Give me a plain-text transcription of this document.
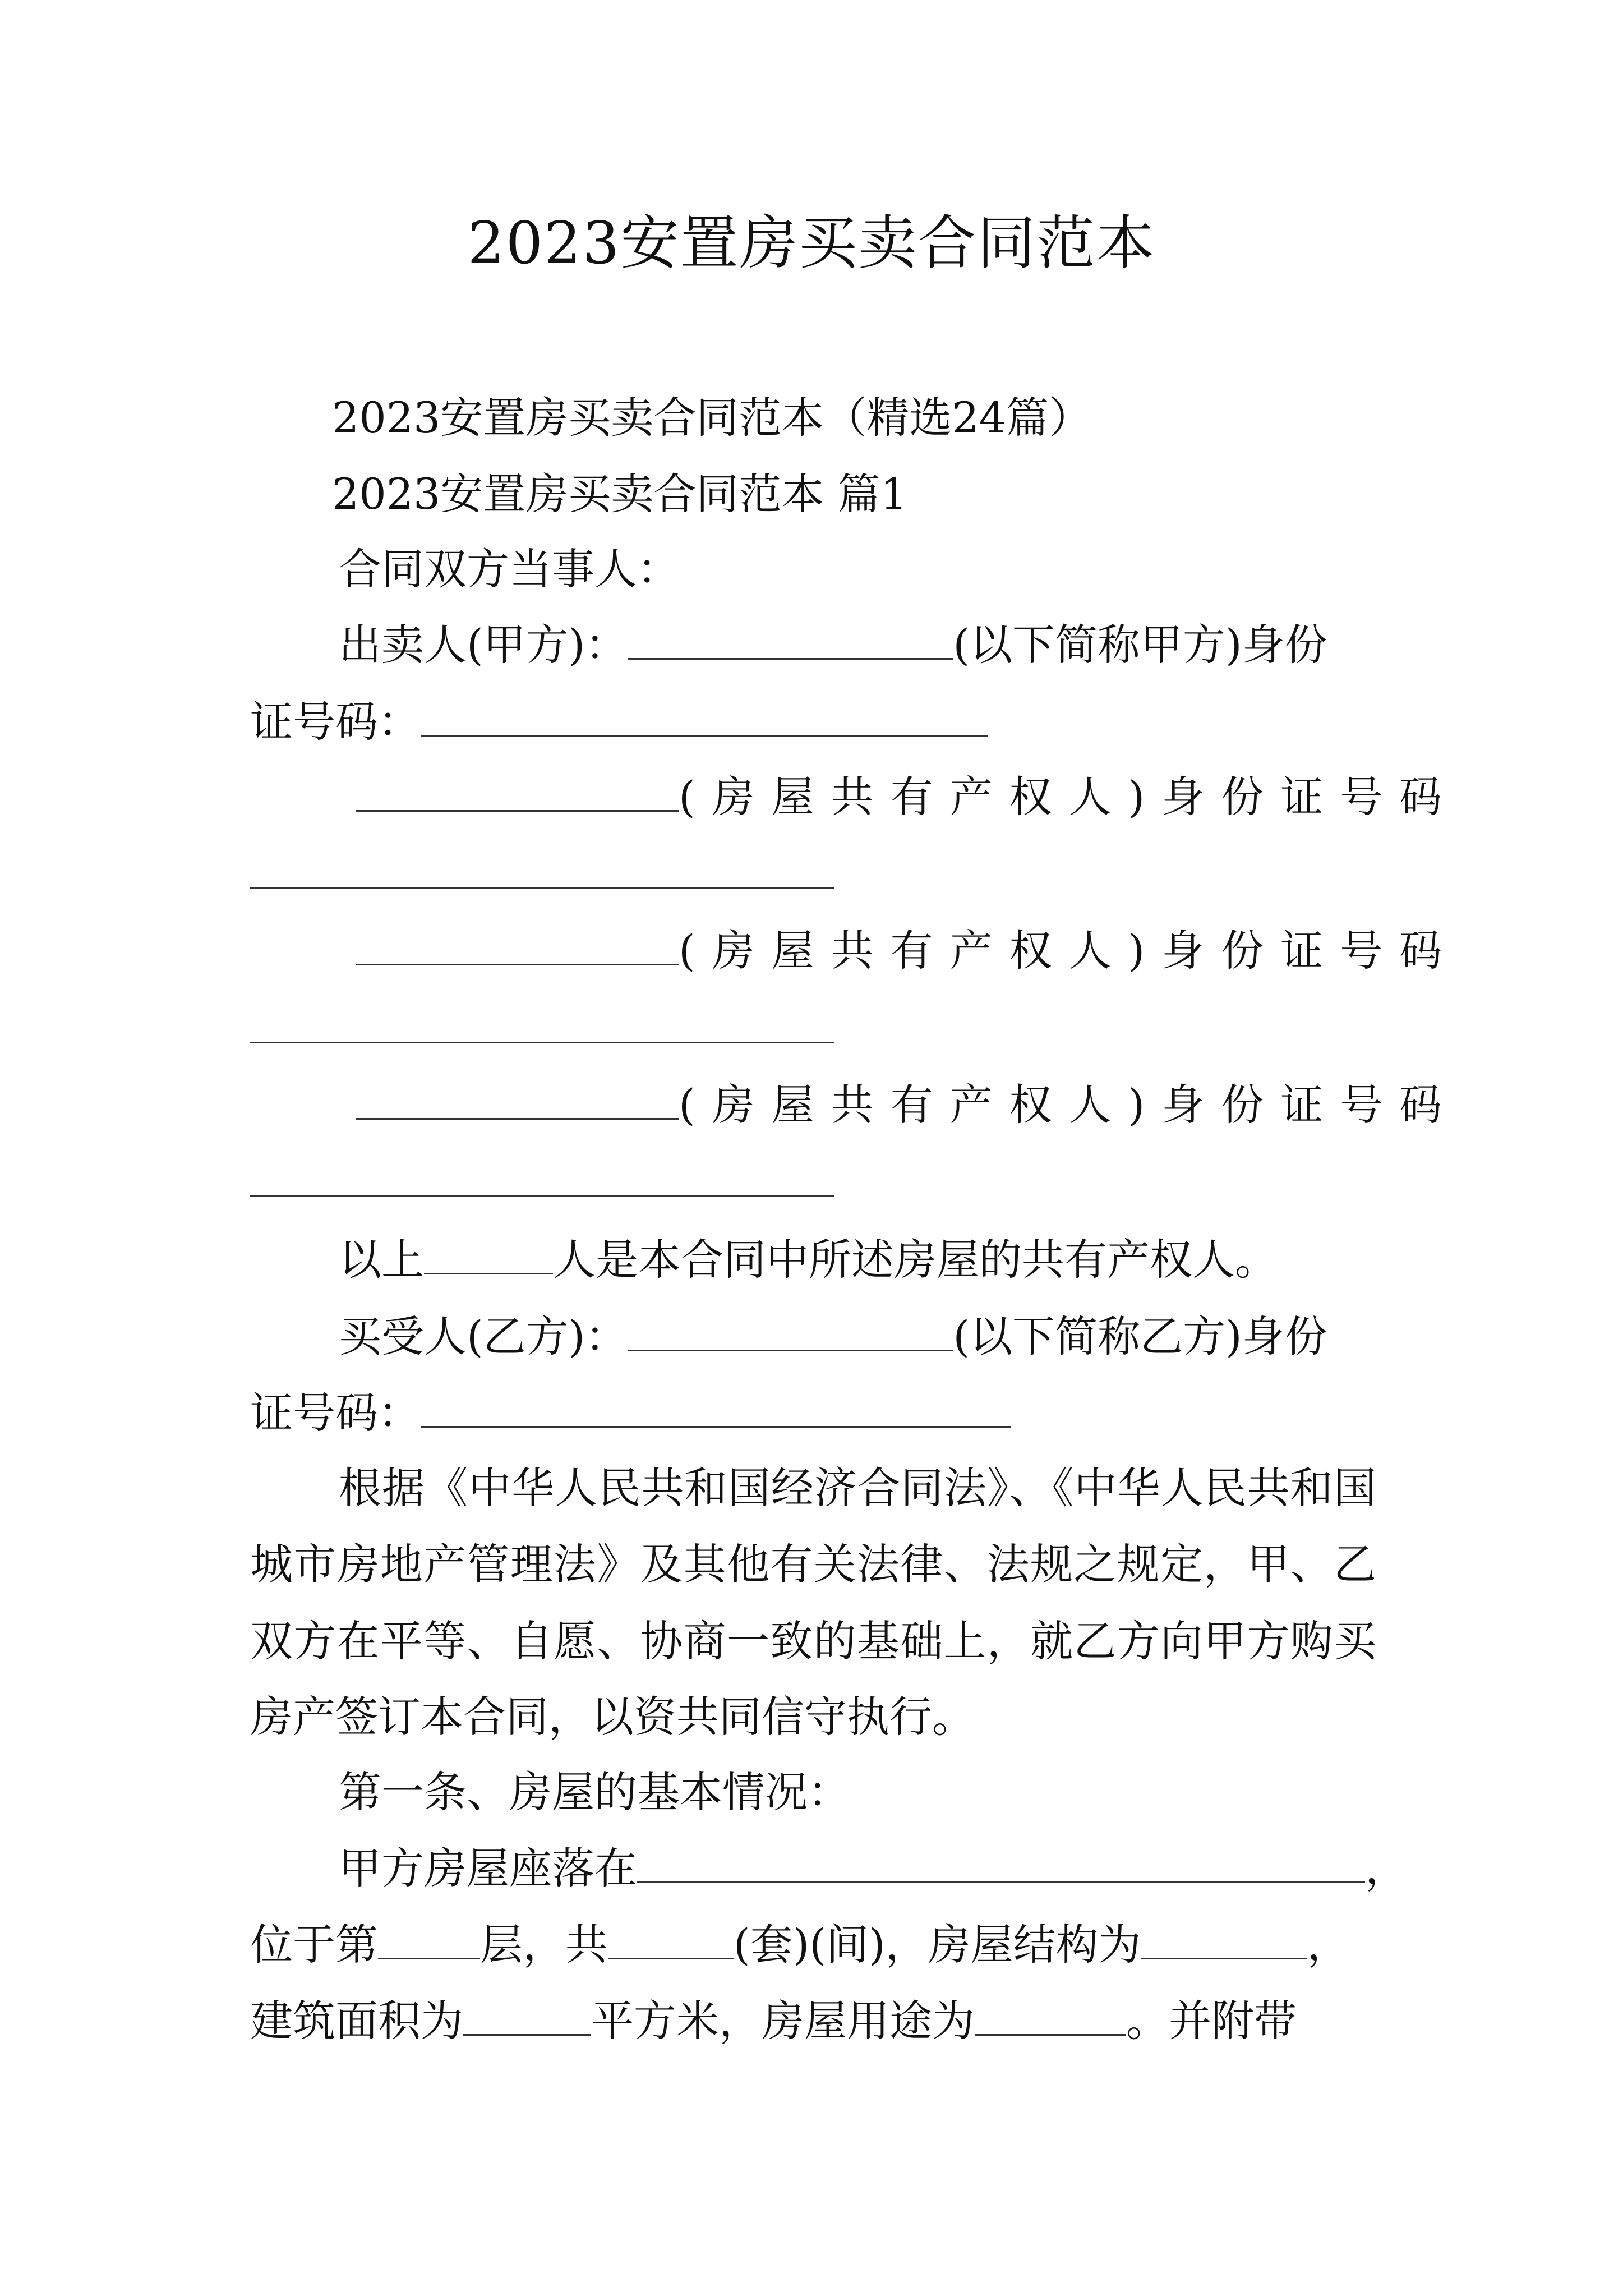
2023安置房买卖合同范本
2023安置房买卖合同范本（精选24篇）
2023安置房买卖合同范本 篇1
合同双方当事人：
出卖人(甲方)：	(以下简称甲方)身份
证号码：
(房屋共有产权人)身份证号码
(房屋共有产权人)身份证号码
(房屋共有产权人)身份证号码
以上	人是本合同中所述房屋的共有产权人。
买受人(乙方)：	(以下简称乙方)身份
证号码：
根据《中华人民共和国经济合同法》、《中华人民共和国
城市房地产管理法》及其他有关法律、法规之规定，甲、乙
双方在平等、自愿、协商一致的基础上，就乙方向甲方购买
房产签订本合同，以资共同信守执行。
第一条、房屋的基本情况：
甲方房屋座落在	，
位于第 层，共	(套)(间)，房屋结构为	，
建筑面积为	平方米，房屋用途为	。并附带
